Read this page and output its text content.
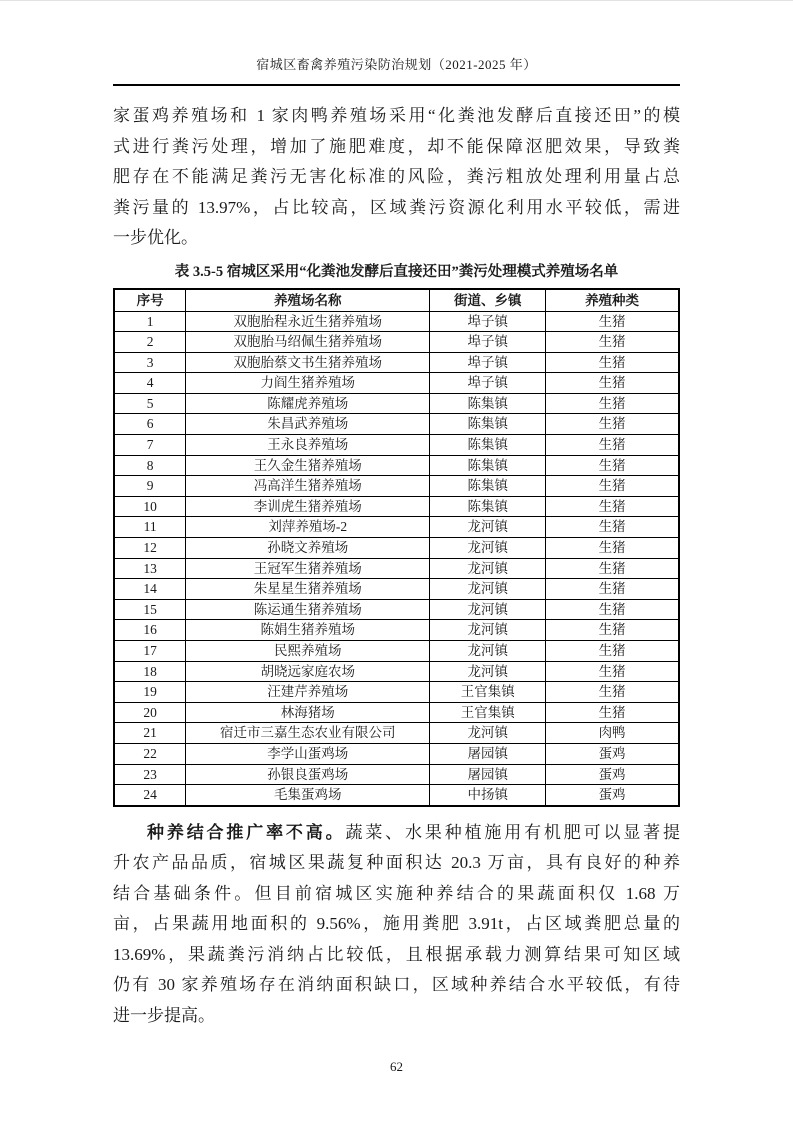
宿城区畜禽养殖污染防治规划（2021-2025 年）
家蛋鸡养殖场和 1 家肉鸭养殖场采用“化粪池发酵后直接还田”的模
式进行粪污处理，增加了施肥难度，却不能保障沤肥效果，导致粪
肥存在不能满足粪污无害化标准的风险，粪污粗放处理利用量占总
粪污量的 13.97%，占比较高，区域粪污资源化利用水平较低，需进
一步优化。
表 3.5-5 宿城区采用“化粪池发酵后直接还田”粪污处理模式养殖场名单
序号	养殖场名称	街道、乡镇	养殖种类
1	双胞胎程永近生猪养殖场	埠子镇	生猪
2	双胞胎马绍佩生猪养殖场	埠子镇	生猪
3	双胞胎蔡文书生猪养殖场	埠子镇	生猪
4	力阎生猪养殖场	埠子镇	生猪
5	陈耀虎养殖场	陈集镇	生猪
6	朱昌武养殖场	陈集镇	生猪
7	王永良养殖场	陈集镇	生猪
8	王久金生猪养殖场	陈集镇	生猪
9	冯高洋生猪养殖场	陈集镇	生猪
10	李训虎生猪养殖场	陈集镇	生猪
11	刘萍养殖场-2	龙河镇	生猪
12	孙晓文养殖场	龙河镇	生猪
13	王冠军生猪养殖场	龙河镇	生猪
14	朱星星生猪养殖场	龙河镇	生猪
15	陈运通生猪养殖场	龙河镇	生猪
16	陈娟生猪养殖场	龙河镇	生猪
17	民熙养殖场	龙河镇	生猪
18	胡晓远家庭农场	龙河镇	生猪
19	汪建芹养殖场	王官集镇	生猪
20	林海猪场	王官集镇	生猪
21	宿迁市三嘉生态农业有限公司	龙河镇	肉鸭
22	李学山蛋鸡场	屠园镇	蛋鸡
23	孙银良蛋鸡场	屠园镇	蛋鸡
24	毛集蛋鸡场	中扬镇	蛋鸡
种养结合推广率不高。蔬菜、水果种植施用有机肥可以显著提
升农产品品质，宿城区果蔬复种面积达 20.3 万亩，具有良好的种养
结合基础条件。但目前宿城区实施种养结合的果蔬面积仅 1.68 万
亩，占果蔬用地面积的 9.56%，施用粪肥 3.91t，占区域粪肥总量的
13.69%，果蔬粪污消纳占比较低，且根据承载力测算结果可知区域
仍有 30 家养殖场存在消纳面积缺口，区域种养结合水平较低，有待
进一步提高。
62
